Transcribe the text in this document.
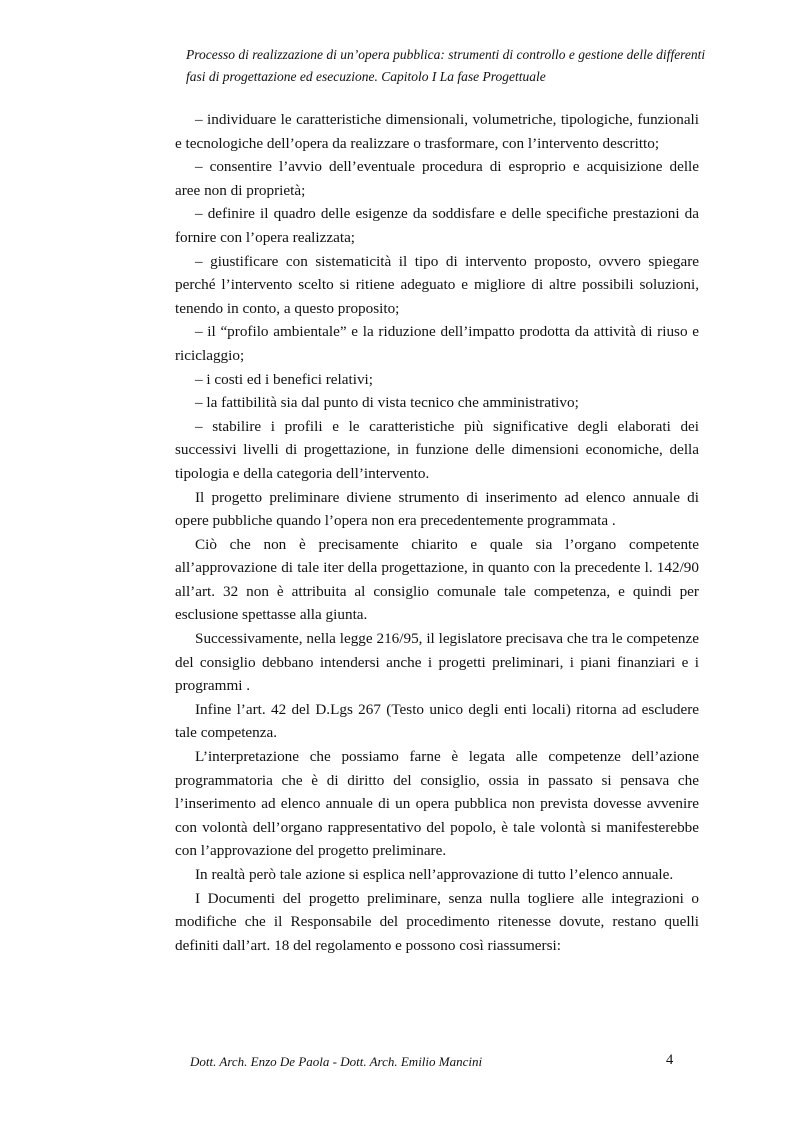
Processo di realizzazione di un’opera pubblica: strumenti di controllo e gestione delle differenti
fasi di progettazione ed esecuzione. Capitolo I La fase Progettuale

– individuare le caratteristiche dimensionali, volumetriche, tipologiche, funzionali e tecnologiche dell’opera da realizzare o trasformare, con l’intervento descritto;

– consentire l’avvio dell’eventuale procedura di esproprio e acquisizione delle aree non di proprietà;

– definire il quadro delle esigenze da soddisfare e delle specifiche prestazioni da fornire con l’opera realizzata;

– giustificare con sistematicità il tipo di intervento proposto, ovvero spiegare perché l’intervento scelto si ritiene adeguato e migliore di altre possibili soluzioni, tenendo in conto, a questo proposito;

– il “profilo ambientale” e la riduzione dell’impatto prodotta da attività di riuso e riciclaggio;

– i costi ed i benefici relativi;

– la fattibilità sia dal punto di vista tecnico che amministrativo;

– stabilire i profili e le caratteristiche più significative degli elaborati dei successivi livelli di progettazione, in funzione delle dimensioni economiche, della tipologia e della categoria dell’intervento.

Il progetto preliminare diviene strumento di inserimento ad elenco annuale di opere pubbliche quando l’opera non era precedentemente programmata .

Ciò che non è precisamente chiarito e quale sia l’organo competente all’approvazione di tale iter della progettazione, in quanto con la precedente l. 142/90 all’art. 32 non è attribuita al consiglio comunale tale competenza, e quindi per esclusione spettasse alla giunta.

Successivamente, nella legge 216/95, il legislatore precisava che tra le competenze del consiglio debbano intendersi anche i progetti preliminari, i piani finanziari e i programmi .

Infine l’art. 42 del D.Lgs 267 (Testo unico degli enti locali) ritorna ad escludere tale competenza.

L’interpretazione che possiamo farne è legata alle competenze dell’azione programmatoria che è di diritto del consiglio, ossia in passato si pensava che l’inserimento ad elenco annuale di un opera pubblica non prevista dovesse avvenire con volontà dell’organo rappresentativo del popolo, è tale volontà si manifesterebbe con l’approvazione del progetto preliminare.

In realtà però tale azione si esplica nell’approvazione di tutto l’elenco annuale.

I Documenti del progetto preliminare, senza nulla togliere alle integrazioni o modifiche che il Responsabile del procedimento ritenesse dovute, restano quelli definiti dall’art. 18 del regolamento e possono così riassumersi:

Dott. Arch. Enzo De Paola - Dott. Arch. Emilio Mancini	4
